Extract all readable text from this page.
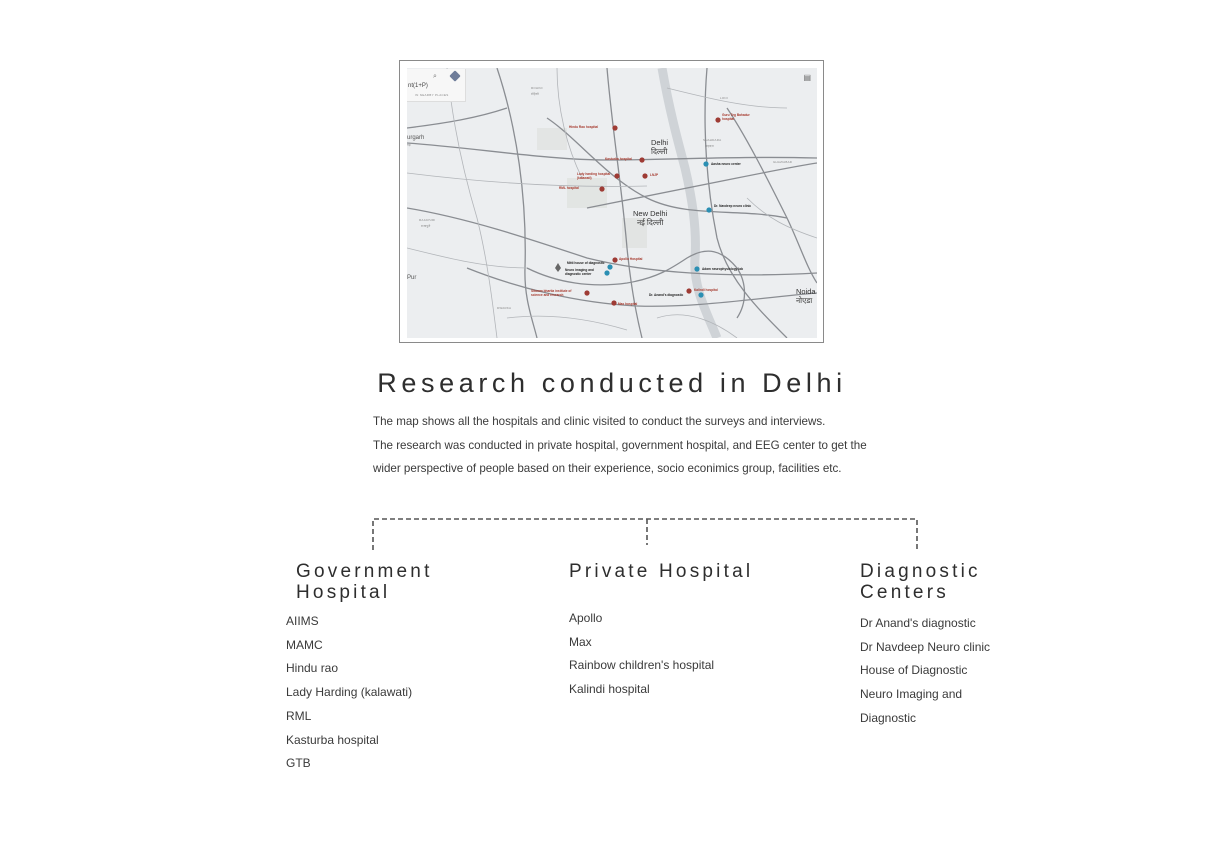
⌕
nt(1+P)
IN NEARBY PLACES
▤
Delhi
दिल्ली
New Delhi
नई दिल्ली
Noida
नोएडा
ROHINI
रोहिणी
urgarh
गढ़
RAJAPURI
राजापुरी
Pur
DWARKA
LONI
SHAHDARA
शाहदरा
GHAZIABAD
Hindu Rao hospital
Guru Teg Bahadur hospital
Aasha neuro center
Kasturba hospital
Lady harding hospital (kalawati)
LNJP
RML hospital
Dr. Navdeep neuro clinic
Mitti house of diagnostic
Apollo Hospital
Neuro imaging and diagnostic center
Adam neurophysiology lab
Sitaram bhartia institute of science and research	Dr. Anand's diagnostic
Kalindi hospital
Max hospital
Research conducted in Delhi

The map shows all the hospitals and clinic visited to conduct the surveys and interviews.

The research was conducted in private hospital, government hospital, and EEG center to get the

wider perspective of people based on their experience, socio econimics group, facilities etc.

Government
Hospital
AIIMS
MAMC
Hindu rao
Lady Harding (kalawati)
RML
Kasturba hospital
GTB
Private Hospital
Apollo
Max
Rainbow children's hospital
Kalindi hospital
Diagnostic
Centers
Dr Anand's diagnostic
Dr Navdeep Neuro clinic
House of Diagnostic
Neuro Imaging and
Diagnostic
